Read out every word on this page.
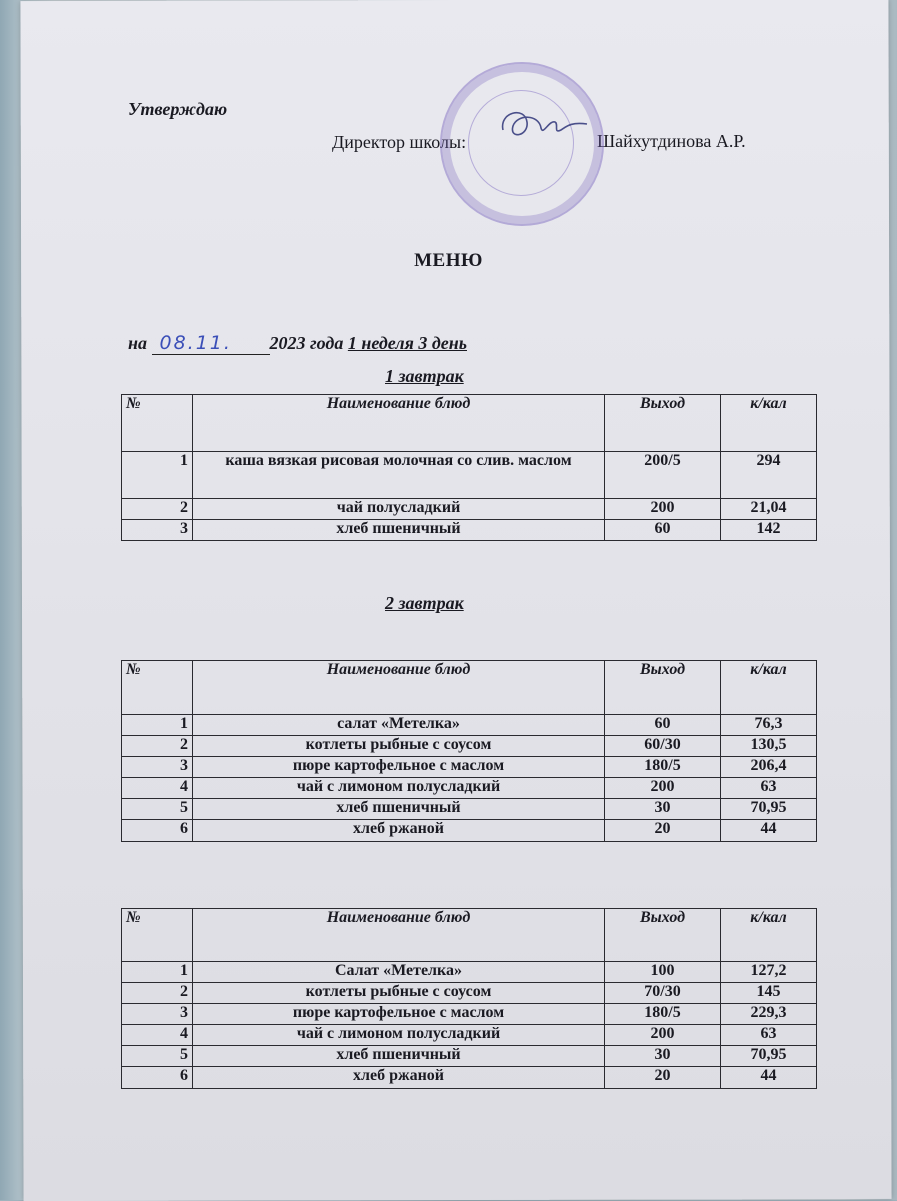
Утверждаю
Директор школы:	Шайхутдинова А.Р.
МЕНЮ
на 08.11. 2023 года 1 неделя 3 день
1 завтрак
№	Наименование блюд	Выход	к/кал
1	каша вязкая рисовая молочная со слив. маслом	200/5	294
2	чай полусладкий	200	21,04
3	хлеб пшеничный	60	142
2 завтрак
№	Наименование блюд	Выход	к/кал
1	салат «Метелка»	60	76,3
2	котлеты рыбные с соусом	60/30	130,5
3	пюре картофельное с маслом	180/5	206,4
4	чай с лимоном полусладкий	200	63
5	хлеб пшеничный	30	70,95
6	хлеб ржаной	20	44
№	Наименование блюд	Выход	к/кал
1	Салат «Метелка»	100	127,2
2	котлеты рыбные с соусом	70/30	145
3	пюре картофельное с маслом	180/5	229,3
4	чай с лимоном полусладкий	200	63
5	хлеб пшеничный	30	70,95
6	хлеб ржаной	20	44
